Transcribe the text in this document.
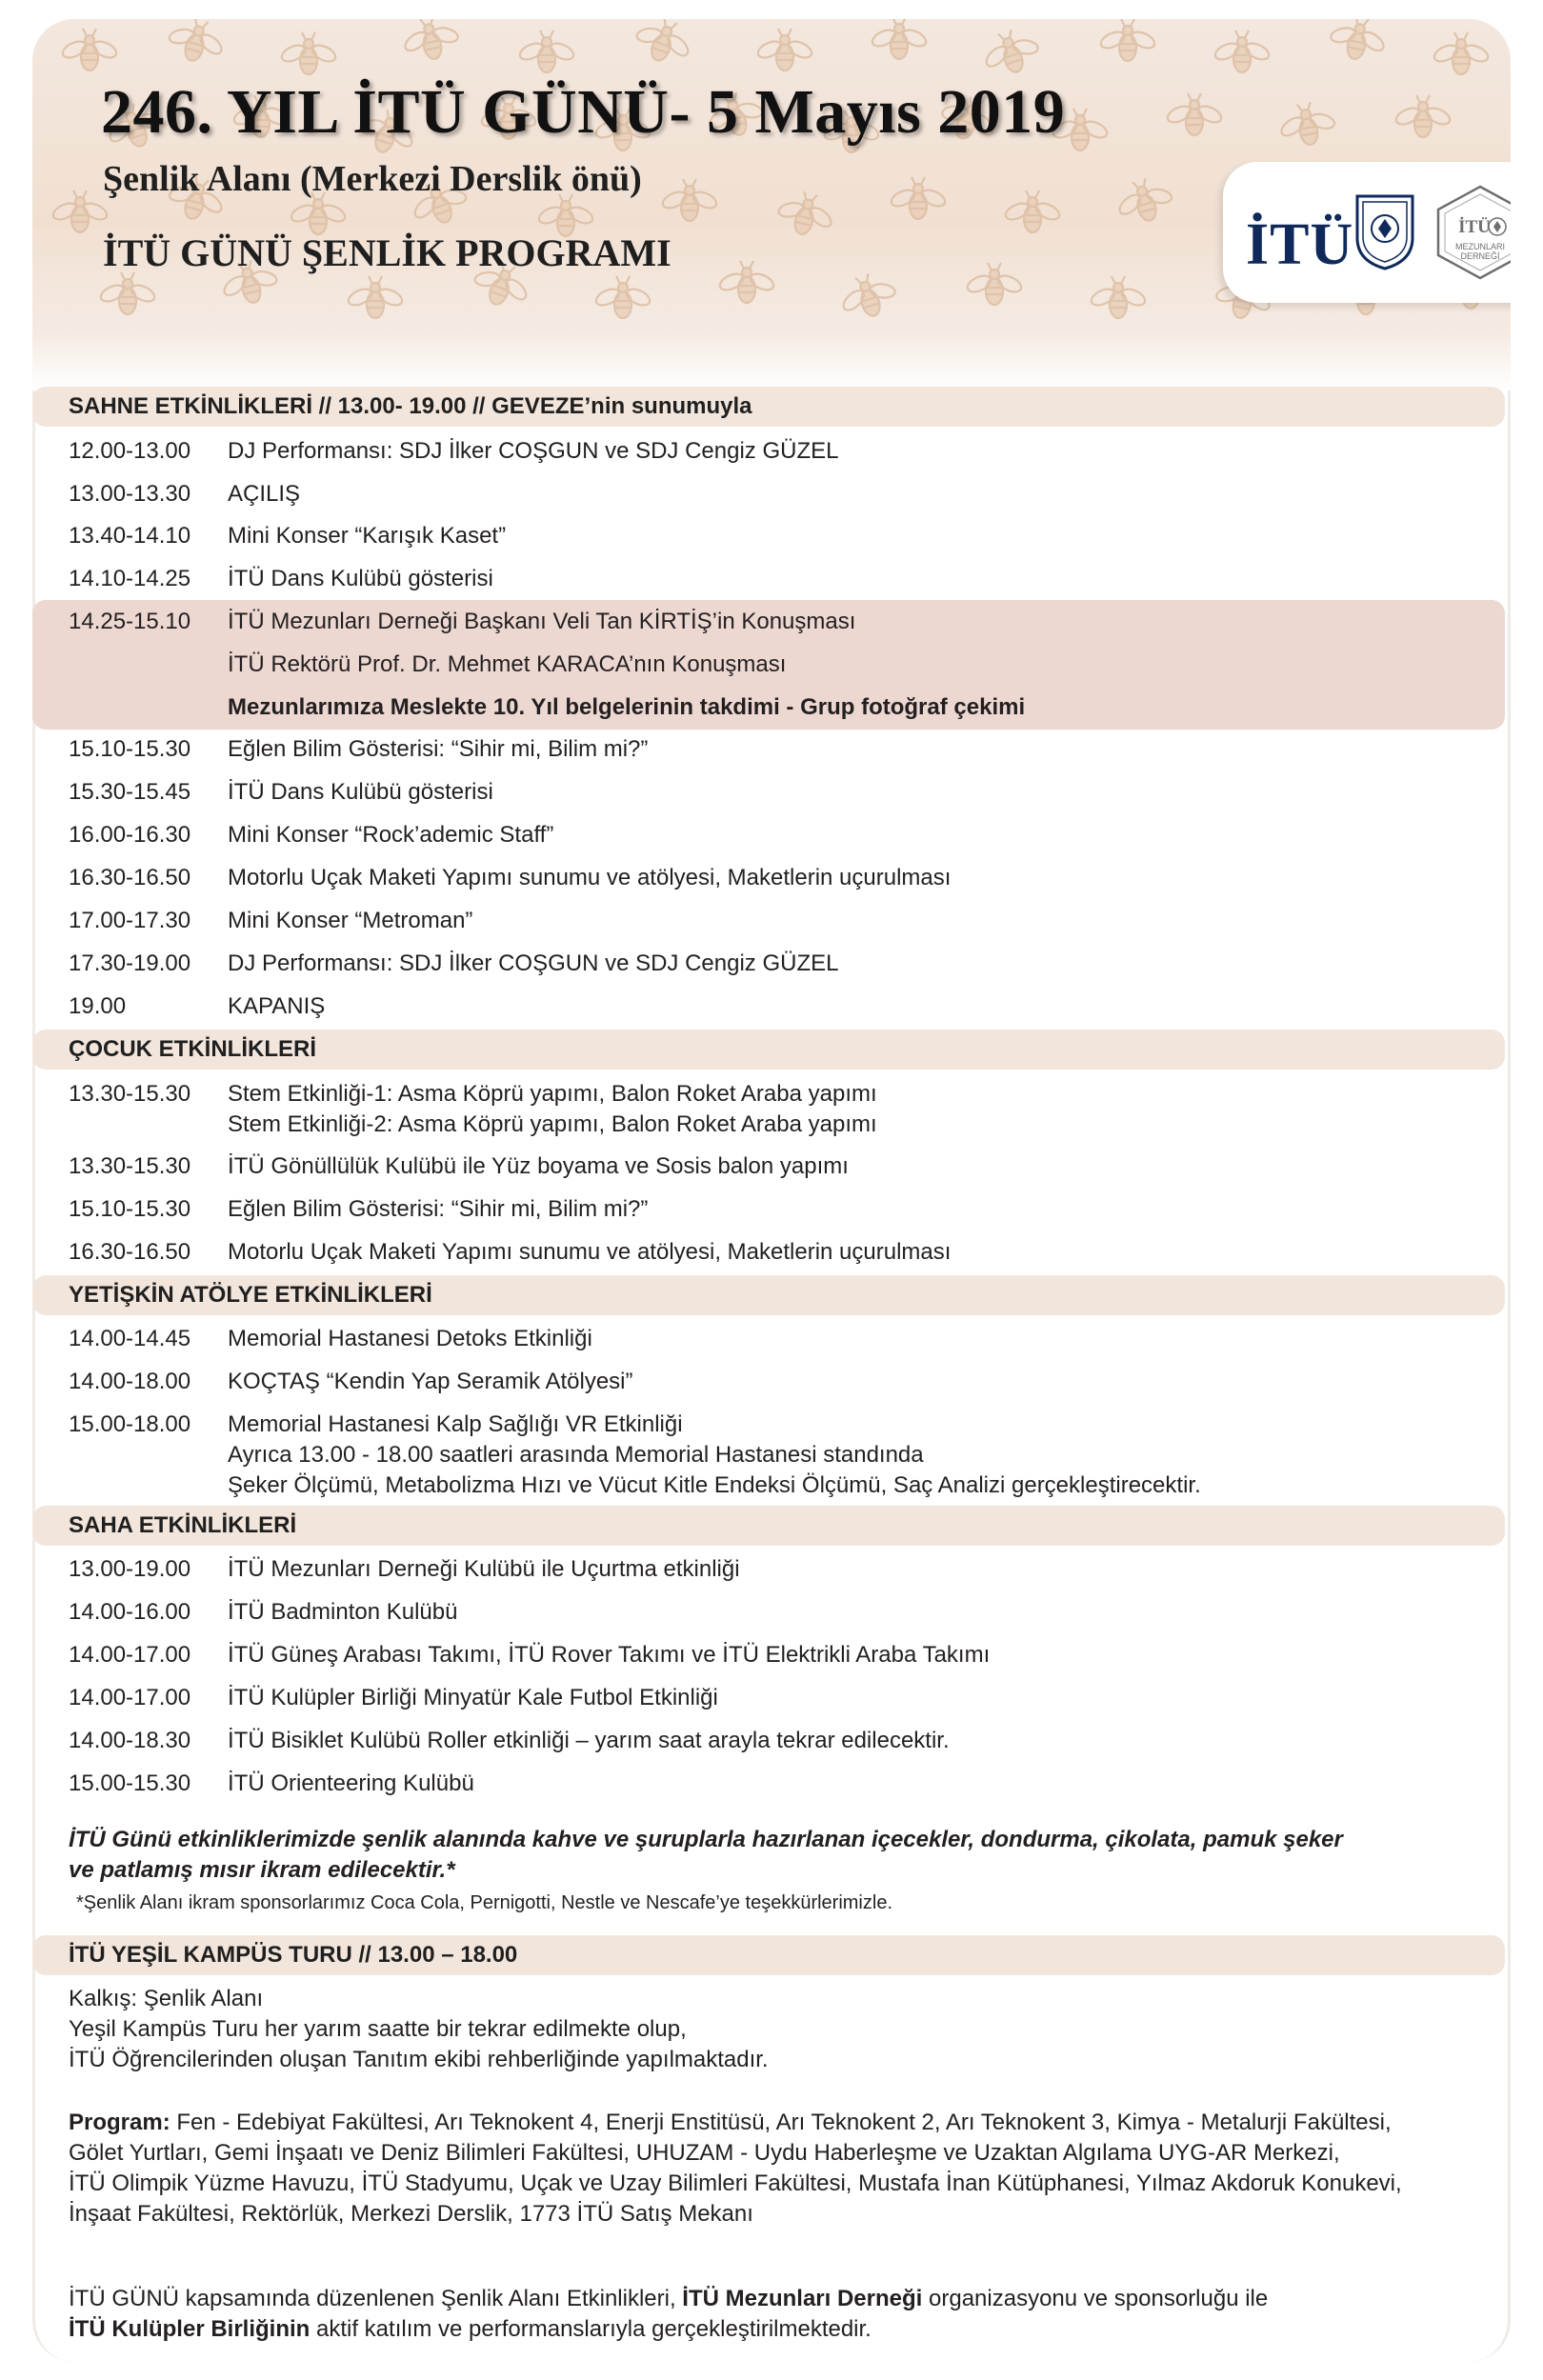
246. YIL İTÜ GÜNÜ- 5 Mayıs 2019
Şenlik Alanı (Merkezi Derslik önü)
İTÜ GÜNÜ ŞENLİK PROGRAMI	İTÜ	İTÜ
MEZUNLARI
DERNEĞİ
SAHNE ETKİNLİKLERİ // 13.00- 19.00 // GEVEZE’nin sunumuyla
12.00-13.00	DJ Performansı: SDJ İlker COŞGUN ve SDJ Cengiz GÜZEL
13.00-13.30	AÇILIŞ
13.40-14.10	Mini Konser “Karışık Kaset”
14.10-14.25	İTÜ Dans Kulübü gösterisi
14.25-15.10	İTÜ Mezunları Derneği Başkanı Veli Tan KİRTİŞ’in Konuşması
İTÜ Rektörü Prof. Dr. Mehmet KARACA’nın Konuşması
Mezunlarımıza Meslekte 10. Yıl belgelerinin takdimi - Grup fotoğraf çekimi
15.10-15.30	Eğlen Bilim Gösterisi: “Sihir mi, Bilim mi?”
15.30-15.45	İTÜ Dans Kulübü gösterisi
16.00-16.30	Mini Konser “Rock’ademic Staff”
16.30-16.50	Motorlu Uçak Maketi Yapımı sunumu ve atölyesi, Maketlerin uçurulması
17.00-17.30	Mini Konser “Metroman”
17.30-19.00	DJ Performansı: SDJ İlker COŞGUN ve SDJ Cengiz GÜZEL
19.00	KAPANIŞ
ÇOCUK ETKİNLİKLERİ
13.30-15.30	Stem Etkinliği-1: Asma Köprü yapımı, Balon Roket Araba yapımı
Stem Etkinliği-2: Asma Köprü yapımı, Balon Roket Araba yapımı
13.30-15.30	İTÜ Gönüllülük Kulübü ile Yüz boyama ve Sosis balon yapımı
15.10-15.30	Eğlen Bilim Gösterisi: “Sihir mi, Bilim mi?”
16.30-16.50	Motorlu Uçak Maketi Yapımı sunumu ve atölyesi, Maketlerin uçurulması
YETİŞKİN ATÖLYE ETKİNLİKLERİ
14.00-14.45	Memorial Hastanesi Detoks Etkinliği
14.00-18.00	KOÇTAŞ “Kendin Yap Seramik Atölyesi”
15.00-18.00	Memorial Hastanesi Kalp Sağlığı VR Etkinliği
Ayrıca 13.00 - 18.00 saatleri arasında Memorial Hastanesi standında
Şeker Ölçümü, Metabolizma Hızı ve Vücut Kitle Endeksi Ölçümü, Saç Analizi gerçekleştirecektir.
SAHA ETKİNLİKLERİ
13.00-19.00	İTÜ Mezunları Derneği Kulübü ile Uçurtma etkinliği
14.00-16.00	İTÜ Badminton Kulübü
14.00-17.00	İTÜ Güneş Arabası Takımı, İTÜ Rover Takımı ve İTÜ Elektrikli Araba Takımı
14.00-17.00	İTÜ Kulüpler Birliği Minyatür Kale Futbol Etkinliği
14.00-18.30	İTÜ Bisiklet Kulübü Roller etkinliği – yarım saat arayla tekrar edilecektir.
15.00-15.30	İTÜ Orienteering Kulübü
İTÜ Günü etkinliklerimizde şenlik alanında kahve ve şuruplarla hazırlanan içecekler, dondurma, çikolata, pamuk şeker
ve patlamış mısır ikram edilecektir.*
*Şenlik Alanı ikram sponsorlarımız Coca Cola, Pernigotti, Nestle ve Nescafe’ye teşekkürlerimizle.
İTÜ YEŞİL KAMPÜS TURU // 13.00 – 18.00
Kalkış: Şenlik Alanı
Yeşil Kampüs Turu her yarım saatte bir tekrar edilmekte olup,
İTÜ Öğrencilerinden oluşan Tanıtım ekibi rehberliğinde yapılmaktadır.
Program: Fen - Edebiyat Fakültesi, Arı Teknokent 4, Enerji Enstitüsü, Arı Teknokent 2, Arı Teknokent 3, Kimya - Metalurji Fakültesi,
Gölet Yurtları, Gemi İnşaatı ve Deniz Bilimleri Fakültesi, UHUZAM - Uydu Haberleşme ve Uzaktan Algılama UYG-AR Merkezi,
İTÜ Olimpik Yüzme Havuzu, İTÜ Stadyumu, Uçak ve Uzay Bilimleri Fakültesi, Mustafa İnan Kütüphanesi, Yılmaz Akdoruk Konukevi,
İnşaat Fakültesi, Rektörlük, Merkezi Derslik, 1773 İTÜ Satış Mekanı
İTÜ GÜNÜ kapsamında düzenlenen Şenlik Alanı Etkinlikleri, İTÜ Mezunları Derneği organizasyonu ve sponsorluğu ile
İTÜ Kulüpler Birliğinin aktif katılım ve performanslarıyla gerçekleştirilmektedir.
